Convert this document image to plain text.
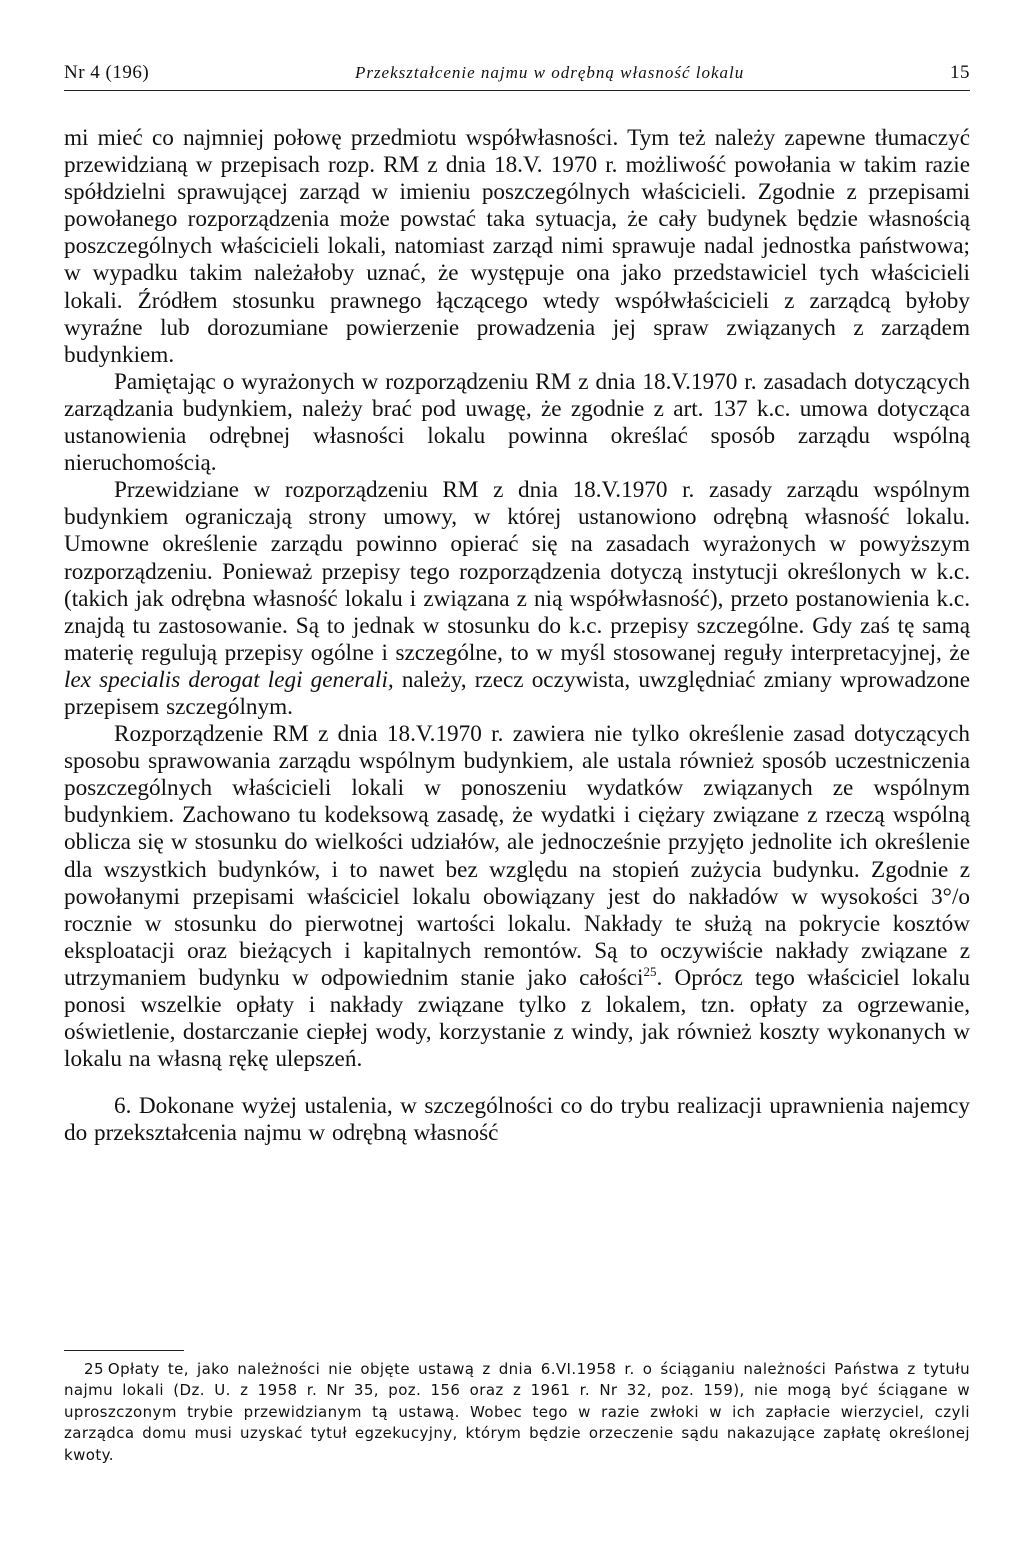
Nr 4 (196)	Przekształcenie najmu w odrębną własność lokalu	15

mi mieć co najmniej połowę przedmiotu współwłasności. Tym też należy zapewne tłumaczyć przewidzianą w przepisach rozp. RM z dnia 18.V. 1970 r. możliwość powołania w takim razie spółdzielni sprawującej zarząd w imieniu poszczególnych właścicieli. Zgodnie z przepisami powołanego rozporządzenia może powstać taka sytuacja, że cały budynek będzie własnością poszczególnych właścicieli lokali, natomiast zarząd nimi sprawuje nadal jednostka państwowa; w wypadku takim należałoby uznać, że występuje ona jako przedstawiciel tych właścicieli lokali. Źródłem stosunku prawnego łączącego wtedy współwłaścicieli z zarządcą byłoby wyraźne lub dorozumiane powierzenie prowadzenia jej spraw związanych z zarządem budynkiem.

Pamiętając o wyrażonych w rozporządzeniu RM z dnia 18.V.1970 r. zasadach dotyczących zarządzania budynkiem, należy brać pod uwagę, że zgodnie z art. 137 k.c. umowa dotycząca ustanowienia odrębnej własności lokalu powinna określać sposób zarządu wspólną nieruchomością.

Przewidziane w rozporządzeniu RM z dnia 18.V.1970 r. zasady zarządu wspólnym budynkiem ograniczają strony umowy, w której ustanowiono odrębną własność lokalu. Umowne określenie zarządu powinno opierać się na zasadach wyrażonych w powyższym rozporządzeniu. Ponieważ przepisy tego rozporządzenia dotyczą instytucji określonych w k.c. (takich jak odrębna własność lokalu i związana z nią współwłasność), przeto postanowienia k.c. znajdą tu zastosowanie. Są to jednak w stosunku do k.c. przepisy szczególne. Gdy zaś tę samą materię regulują przepisy ogólne i szczególne, to w myśl stosowanej reguły interpretacyjnej, że lex specialis derogat legi generali, należy, rzecz oczywista, uwzględniać zmiany wprowadzone przepisem szczególnym.

Rozporządzenie RM z dnia 18.V.1970 r. zawiera nie tylko określenie zasad dotyczących sposobu sprawowania zarządu wspólnym budynkiem, ale ustala również sposób uczestniczenia poszczególnych właścicieli lokali w ponoszeniu wydatków związanych ze wspólnym budynkiem. Zachowano tu kodeksową zasadę, że wydatki i ciężary związane z rzeczą wspólną oblicza się w stosunku do wielkości udziałów, ale jednocześnie przyjęto jednolite ich określenie dla wszystkich budynków, i to nawet bez względu na stopień zużycia budynku. Zgodnie z powołanymi przepisami właściciel lokalu obowiązany jest do nakładów w wysokości 3°/o rocznie w stosunku do pierwotnej wartości lokalu. Nakłady te służą na pokrycie kosztów eksploatacji oraz bieżących i kapitalnych remontów. Są to oczywiście nakłady związane z utrzymaniem budynku w odpowiednim stanie jako całości$^{25}$. Oprócz tego właściciel lokalu ponosi wszelkie opłaty i nakłady związane tylko z lokalem, tzn. opłaty za ogrzewanie, oświetlenie, dostarczanie ciepłej wody, korzystanie z windy, jak również koszty wykonanych w lokalu na własną rękę ulepszeń.

6. Dokonane wyżej ustalenia, w szczególności co do trybu realizacji uprawnienia najemcy do przekształcenia najmu w odrębną własność

25 Opłaty te, jako należności nie objęte ustawą z dnia 6.VI.1958 r. o ściąganiu należności Państwa z tytułu najmu lokali (Dz. U. z 1958 r. Nr 35, poz. 156 oraz z 1961 r. Nr 32, poz. 159), nie mogą być ściągane w uproszczonym trybie przewidzianym tą ustawą. Wobec tego w razie zwłoki w ich zapłacie wierzyciel, czyli zarządca domu musi uzyskać tytuł egzekucyjny, którym będzie orzeczenie sądu nakazujące zapłatę określonej kwoty.
